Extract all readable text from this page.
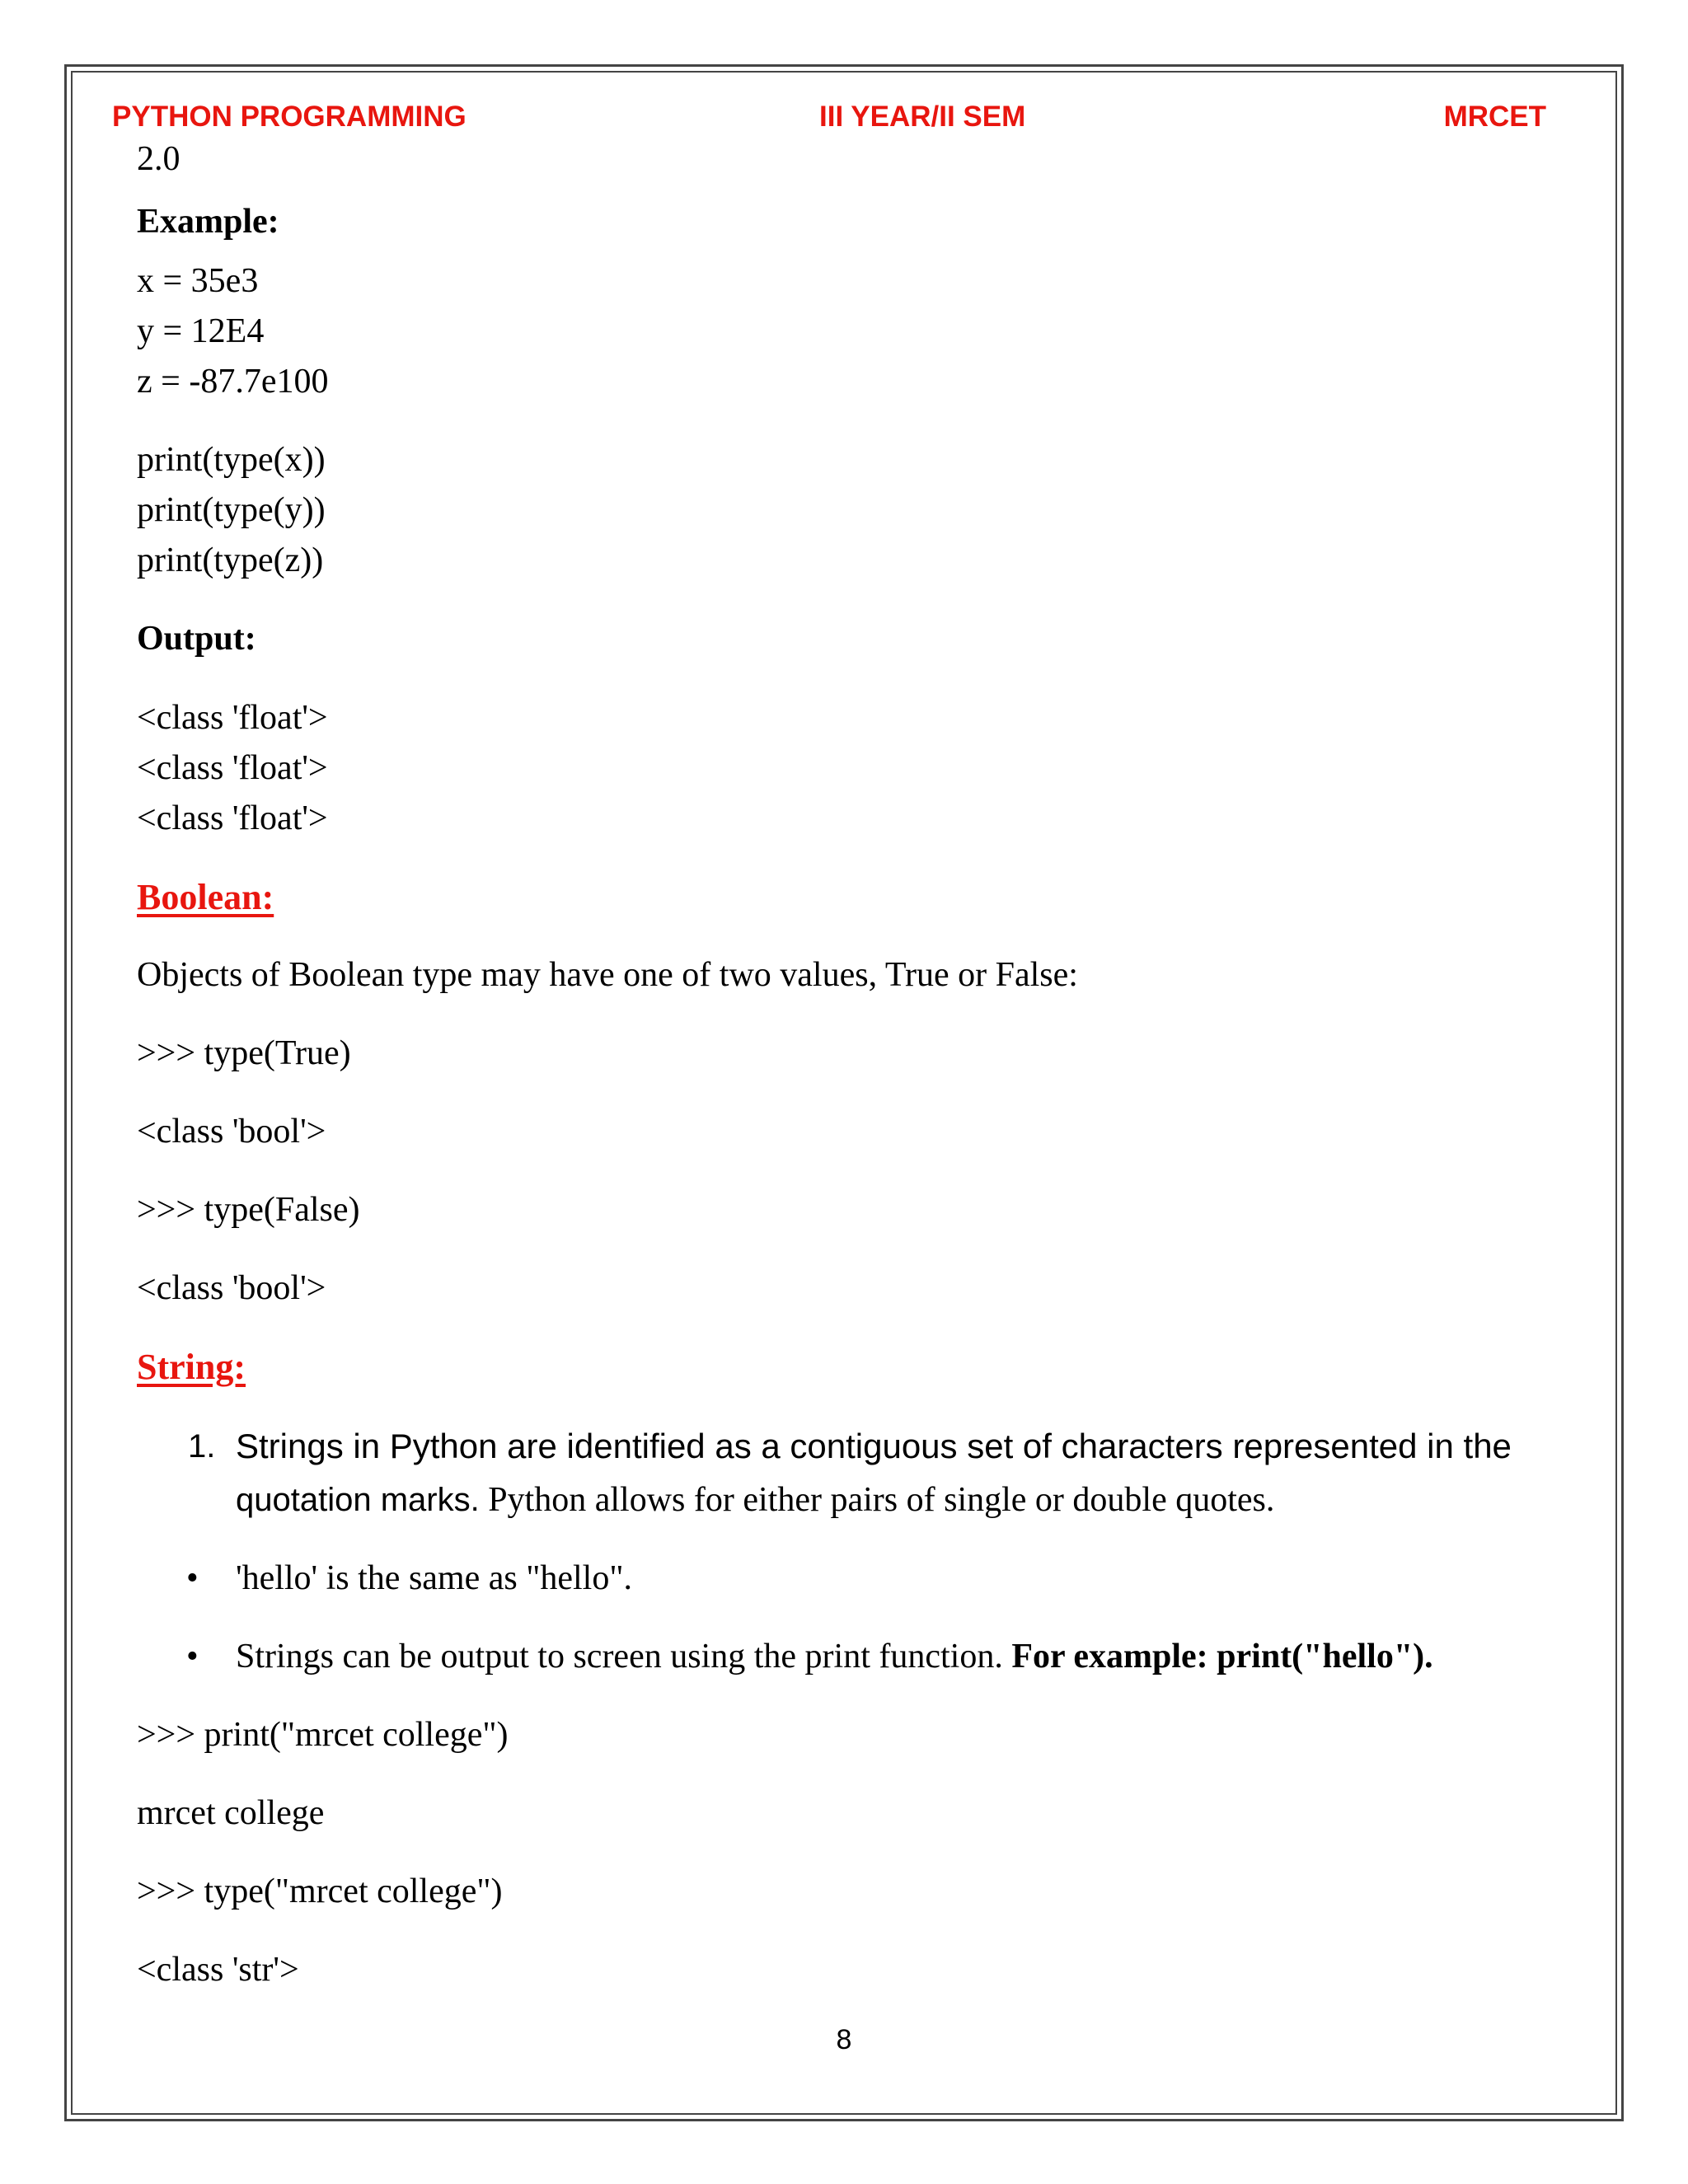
PYTHON PROGRAMMING	III YEAR/II SEM	MRCET
2.0
Example:
x = 35e3
y = 12E4
z = -87.7e100
print(type(x))
print(type(y))
print(type(z))
Output:
<class 'float'>
<class 'float'>
<class 'float'>
Boolean:
Objects of Boolean type may have one of two values, True or False:
>>> type(True)
<class 'bool'>
>>> type(False)
<class 'bool'>
String:
1. Strings in Python are identified as a contiguous set of characters represented in the
quotation marks. Python allows for either pairs of single or double quotes.
• 'hello' is the same as "hello".
• Strings can be output to screen using the print function. For example: print("hello").
>>> print("mrcet college")
mrcet college
>>> type("mrcet college")
<class 'str'>
8
